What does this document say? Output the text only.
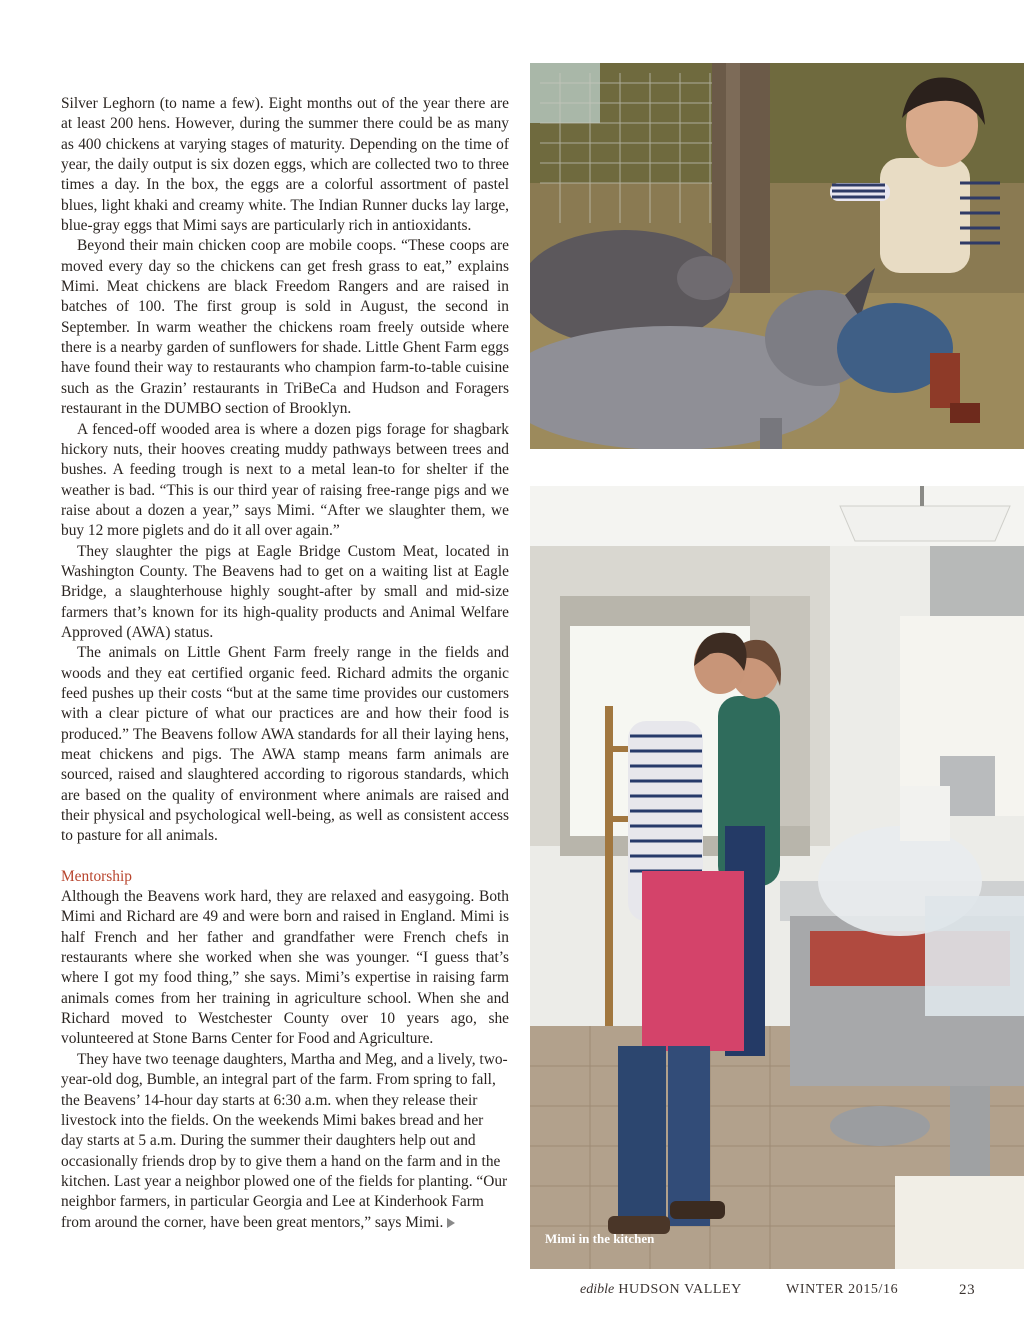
Silver Leghorn (to name a few). Eight months out of the year there are at least 200 hens. However, during the summer there could be as many as 400 chickens at varying stages of maturity. Depending on the time of year, the daily output is six dozen eggs, which are collected two to three times a day. In the box, the eggs are a colorful assortment of pastel blues, light khaki and creamy white. The Indian Runner ducks lay large, blue-gray eggs that Mimi says are particularly rich in antioxidants.

Beyond their main chicken coop are mobile coops. “These coops are moved every day so the chickens can get fresh grass to eat,” explains Mimi. Meat chickens are black Freedom Rangers and are raised in batches of 100. The first group is sold in August, the second in September. In warm weather the chickens roam freely outside where there is a nearby garden of sunflowers for shade. Little Ghent Farm eggs have found their way to restaurants who champion farm-to-table cuisine such as the Grazin’ restaurants in TriBeCa and Hudson and Foragers restaurant in the DUMBO section of Brooklyn.

A fenced-off wooded area is where a dozen pigs forage for shagbark hickory nuts, their hooves creating muddy pathways between trees and bushes. A feeding trough is next to a metal lean-to for shelter if the weather is bad. “This is our third year of raising free-range pigs and we raise about a dozen a year,” says Mimi. “After we slaughter them, we buy 12 more piglets and do it all over again.”

They slaughter the pigs at Eagle Bridge Custom Meat, located in Washington County. The Beavens had to get on a waiting list at Eagle Bridge, a slaughterhouse highly sought-after by small and mid-size farmers that’s known for its high-quality products and Animal Welfare Approved (AWA) status.

The animals on Little Ghent Farm freely range in the fields and woods and they eat certified organic feed. Richard admits the organic feed pushes up their costs “but at the same time provides our customers with a clear picture of what our practices are and how their food is produced.” The Beavens follow AWA standards for all their laying hens, meat chickens and pigs. The AWA stamp means farm animals are sourced, raised and slaughtered according to rigorous standards, which are based on the quality of environment where animals are raised and their physical and psychological well-being, as well as consistent access to pasture for all animals.

Mentorship

Although the Beavens work hard, they are relaxed and easygoing. Both Mimi and Richard are 49 and were born and raised in England. Mimi is half French and her father and grandfather were French chefs in restaurants where she worked when she was younger. “I guess that’s where I got my food thing,” she says. Mimi’s expertise in raising farm animals comes from her training in agriculture school. When she and Richard moved to Westchester County over 10 years ago, she volunteered at Stone Barns Center for Food and Agriculture.

They have two teenage daughters, Martha and Meg, and a lively, two-year-old dog, Bumble, an integral part of the farm. From spring to fall, the Beavens’ 14-hour day starts at 6:30 a.m. when they release their livestock into the fields. On the weekends Mimi bakes bread and her day starts at 5 a.m. During the summer their daughters help out and occasionally friends drop by to give them a hand on the farm and in the kitchen. Last year a neighbor plowed one of the fields for planting. “Our neighbor farmers, in particular Georgia and Lee at Kinderhook Farm from around the corner, have been great mentors,” says Mimi.

Mimi in the kitchen
edible HUDSON VALLEY	WINTER 2015/16	23
